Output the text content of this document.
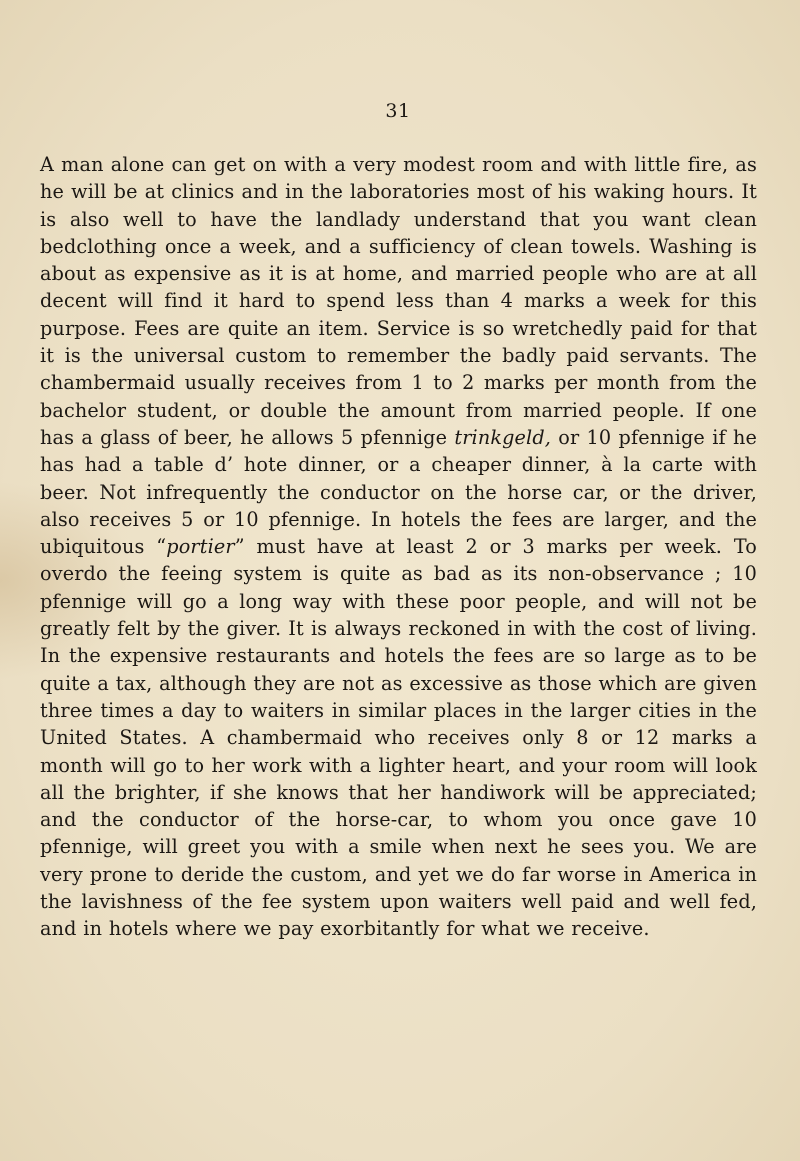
31

A man alone can get on with a very modest room and with little fire, as he will be at clinics and in the laboratories most of his waking hours. It is also well to have the landlady understand that you want clean bedclothing once a week, and a sufficiency of clean towels. Washing is about as expensive as it is at home, and married people who are at all decent will find it hard to spend less than 4 marks a week for this purpose. Fees are quite an item. Service is so wretchedly paid for that it is the universal custom to remember the badly paid servants. The chambermaid usually receives from 1 to 2 marks per month from the bachelor student, or double the amount from married people. If one has a glass of beer, he allows 5 pfennige trinkgeld, or 10 pfennige if he has had a table d’ hote dinner, or a cheaper dinner, à la carte with beer. Not infrequently the conductor on the horse car, or the driver, also receives 5 or 10 pfennige. In hotels the fees are larger, and the ubiquitous “portier” must have at least 2 or 3 marks per week. To overdo the feeing system is quite as bad as its non-observance ; 10 pfennige will go a long way with these poor people, and will not be greatly felt by the giver. It is always reckoned in with the cost of living. In the expensive restaurants and hotels the fees are so large as to be quite a tax, although they are not as excessive as those which are given three times a day to waiters in similar places in the larger cities in the United States. A chambermaid who receives only 8 or 12 marks a month will go to her work with a lighter heart, and your room will look all the brighter, if she knows that her handiwork will be appreciated; and the conductor of the horse-car, to whom you once gave 10 pfennige, will greet you with a smile when next he sees you. We are very prone to deride the custom, and yet we do far worse in America in the lavishness of the fee system upon waiters well paid and well fed, and in hotels where we pay exorbitantly for what we receive.
